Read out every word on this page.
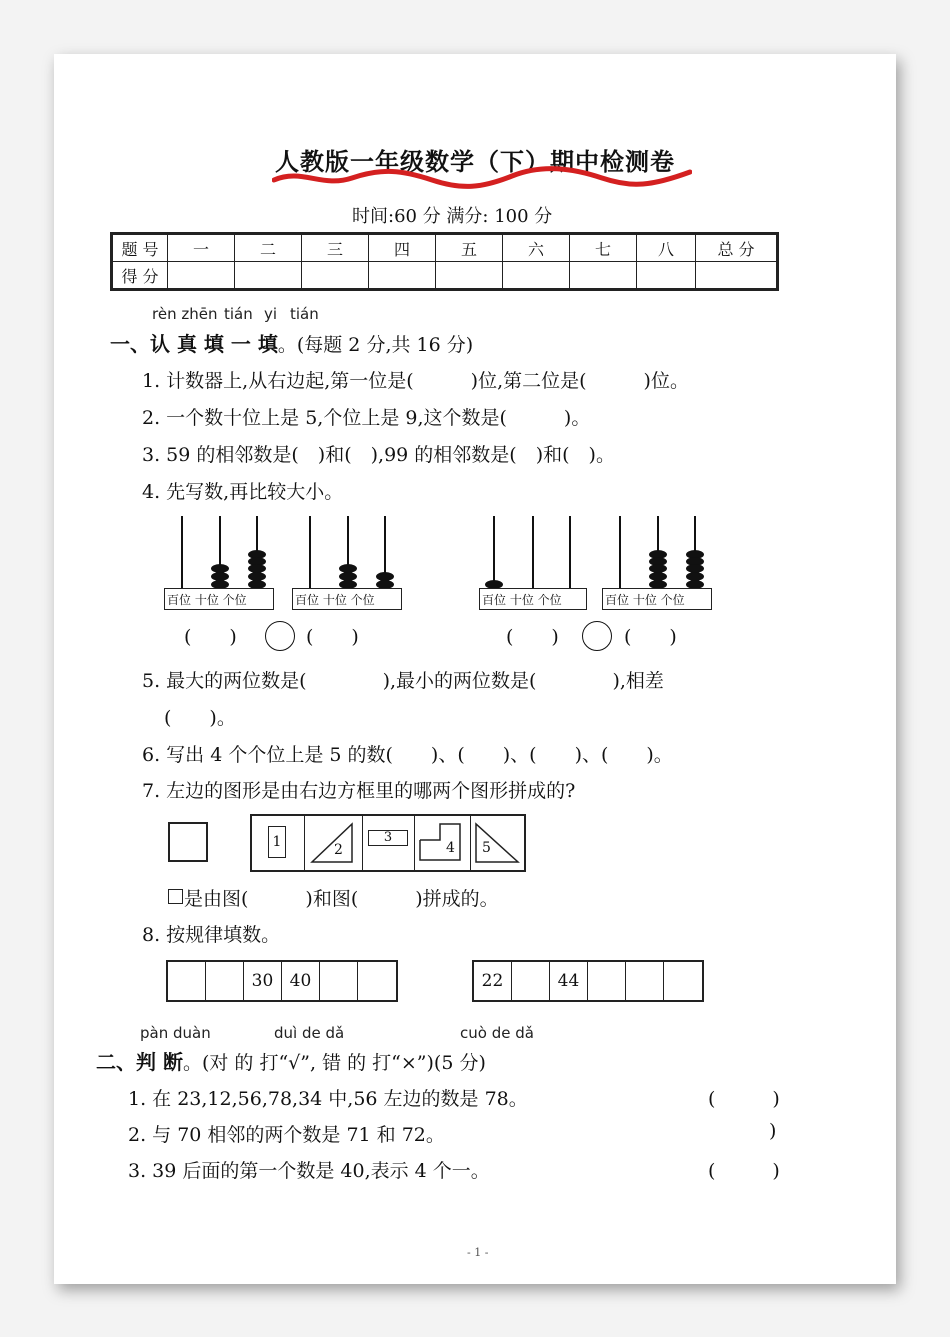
人教版一年级数学（下）期中检测卷
时间:60 分 满分: 100 分
题 号	一	二	三	四	五	六	七	八	总 分
得 分									
rèn zhēn tián yi tián
一、认 真 填 一 填。(每题 2 分,共 16 分)
1. 计数器上,从右边起,第一位是(　　　)位,第二位是(　　　)位。
2. 一个数十位上是 5,个位上是 9,这个数是(　　　)。
3. 59 的相邻数是(　)和(　),99 的相邻数是(　)和(　)。
4. 先写数,再比较大小。
百位 十位 个位	百位 十位 个位	百位 十位 个位	百位 十位 个位
(　　)	(　　)	(　　)	(　　)
5. 最大的两位数是(　　　　),最小的两位数是(　　　　),相差
(　　)。
6. 写出 4 个个位上是 5 的数(　　)、(　　)、(　　)、(　　)。
7. 左边的图形是由右边方框里的哪两个图形拼成的?
1	2
3
4 5
是由图(　　　)和图(　　　)拼成的。
8. 按规律填数。
30 40	22	44
pàn duàn	duì de dǎ	cuò de dǎ
二、判 断。(对 的 打“√”, 错 的 打“×”)(5 分)
1. 在 23,12,56,78,34 中,56 左边的数是 78。	(　　　)
2. 与 70 相邻的两个数是 71 和 72。	)
3. 39 后面的第一个数是 40,表示 4 个一。	(　　　)
- 1 -
